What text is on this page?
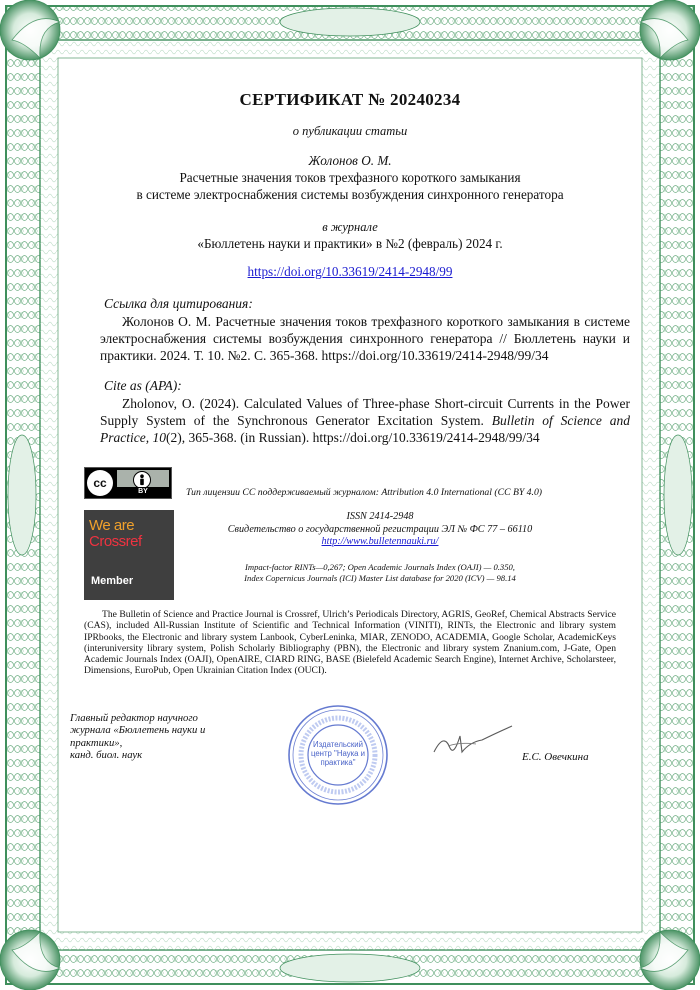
СЕРТИФИКАТ № 20240234
о публикации статьи
Жолонов О. М.
Расчетные значения токов трехфазного короткого замыкания
в системе электроснабжения системы возбуждения синхронного генератора
в журнале
«Бюллетень науки и практики» в №2 (февраль) 2024 г.
https://doi.org/10.33619/2414-2948/99
Ссылка для цитирования:
Жолонов О. М. Расчетные значения токов трехфазного короткого замыкания в системе электроснабжения системы возбуждения синхронного генератора // Бюллетень науки и практики. 2024. Т. 10. №2. С. 365-368. https://doi.org/10.33619/2414-2948/99/34
Cite as (APA):
Zholonov, O. (2024). Calculated Values of Three-phase Short-circuit Currents in the Power Supply System of the Synchronous Generator Excitation System. Bulletin of Science and Practice, 10(2), 365-368. (in Russian). https://doi.org/10.33619/2414-2948/99/34
cc
BY	Тип лицензии CC поддерживаемый журналом: Attribution 4.0 International (CC BY 4.0)
We are
Crossref
Member
ISSN 2414-2948
Свидетельство о государственной регистрации ЭЛ № ФС 77 – 66110
http://www.bulletennauki.ru/
Impact-factor RINTs—0,267; Open Academic Journals Index (OAJI) — 0.350,
Index Copernicus Journals (ICI) Master List database for 2020 (ICV) — 98.14
The Bulletin of Science and Practice Journal is Crossref, Ulrich’s Periodicals Directory, AGRIS, GeoRef, Chemical Abstracts Service (CAS), included All-Russian Institute of Scientific and Technical Information (VINITI), RINTs, the Electronic and library system IPRbooks, the Electronic and library system Lanbook, CyberLeninka, MIAR, ZENODO, ACADEMIA, Google Scholar, AcademicKeys (interuniversity library system, Polish Scholarly Bibliography (PBN), the Electronic and library system Znanium.com, J-Gate, Open Academic Journals Index (OAJI), OpenAIRE, CIARD RING, BASE (Bielefeld Academic Search Engine), Internet Archive, Scholarsteer, Dimensions, EuroPub, Open Ukrainian Citation Index (OUCI).
Главный редактор научного
журнала «Бюллетень науки и
практики»,
канд. биол. наук
Издательский центр "Наука и практика"	Е.С. Овечкина
